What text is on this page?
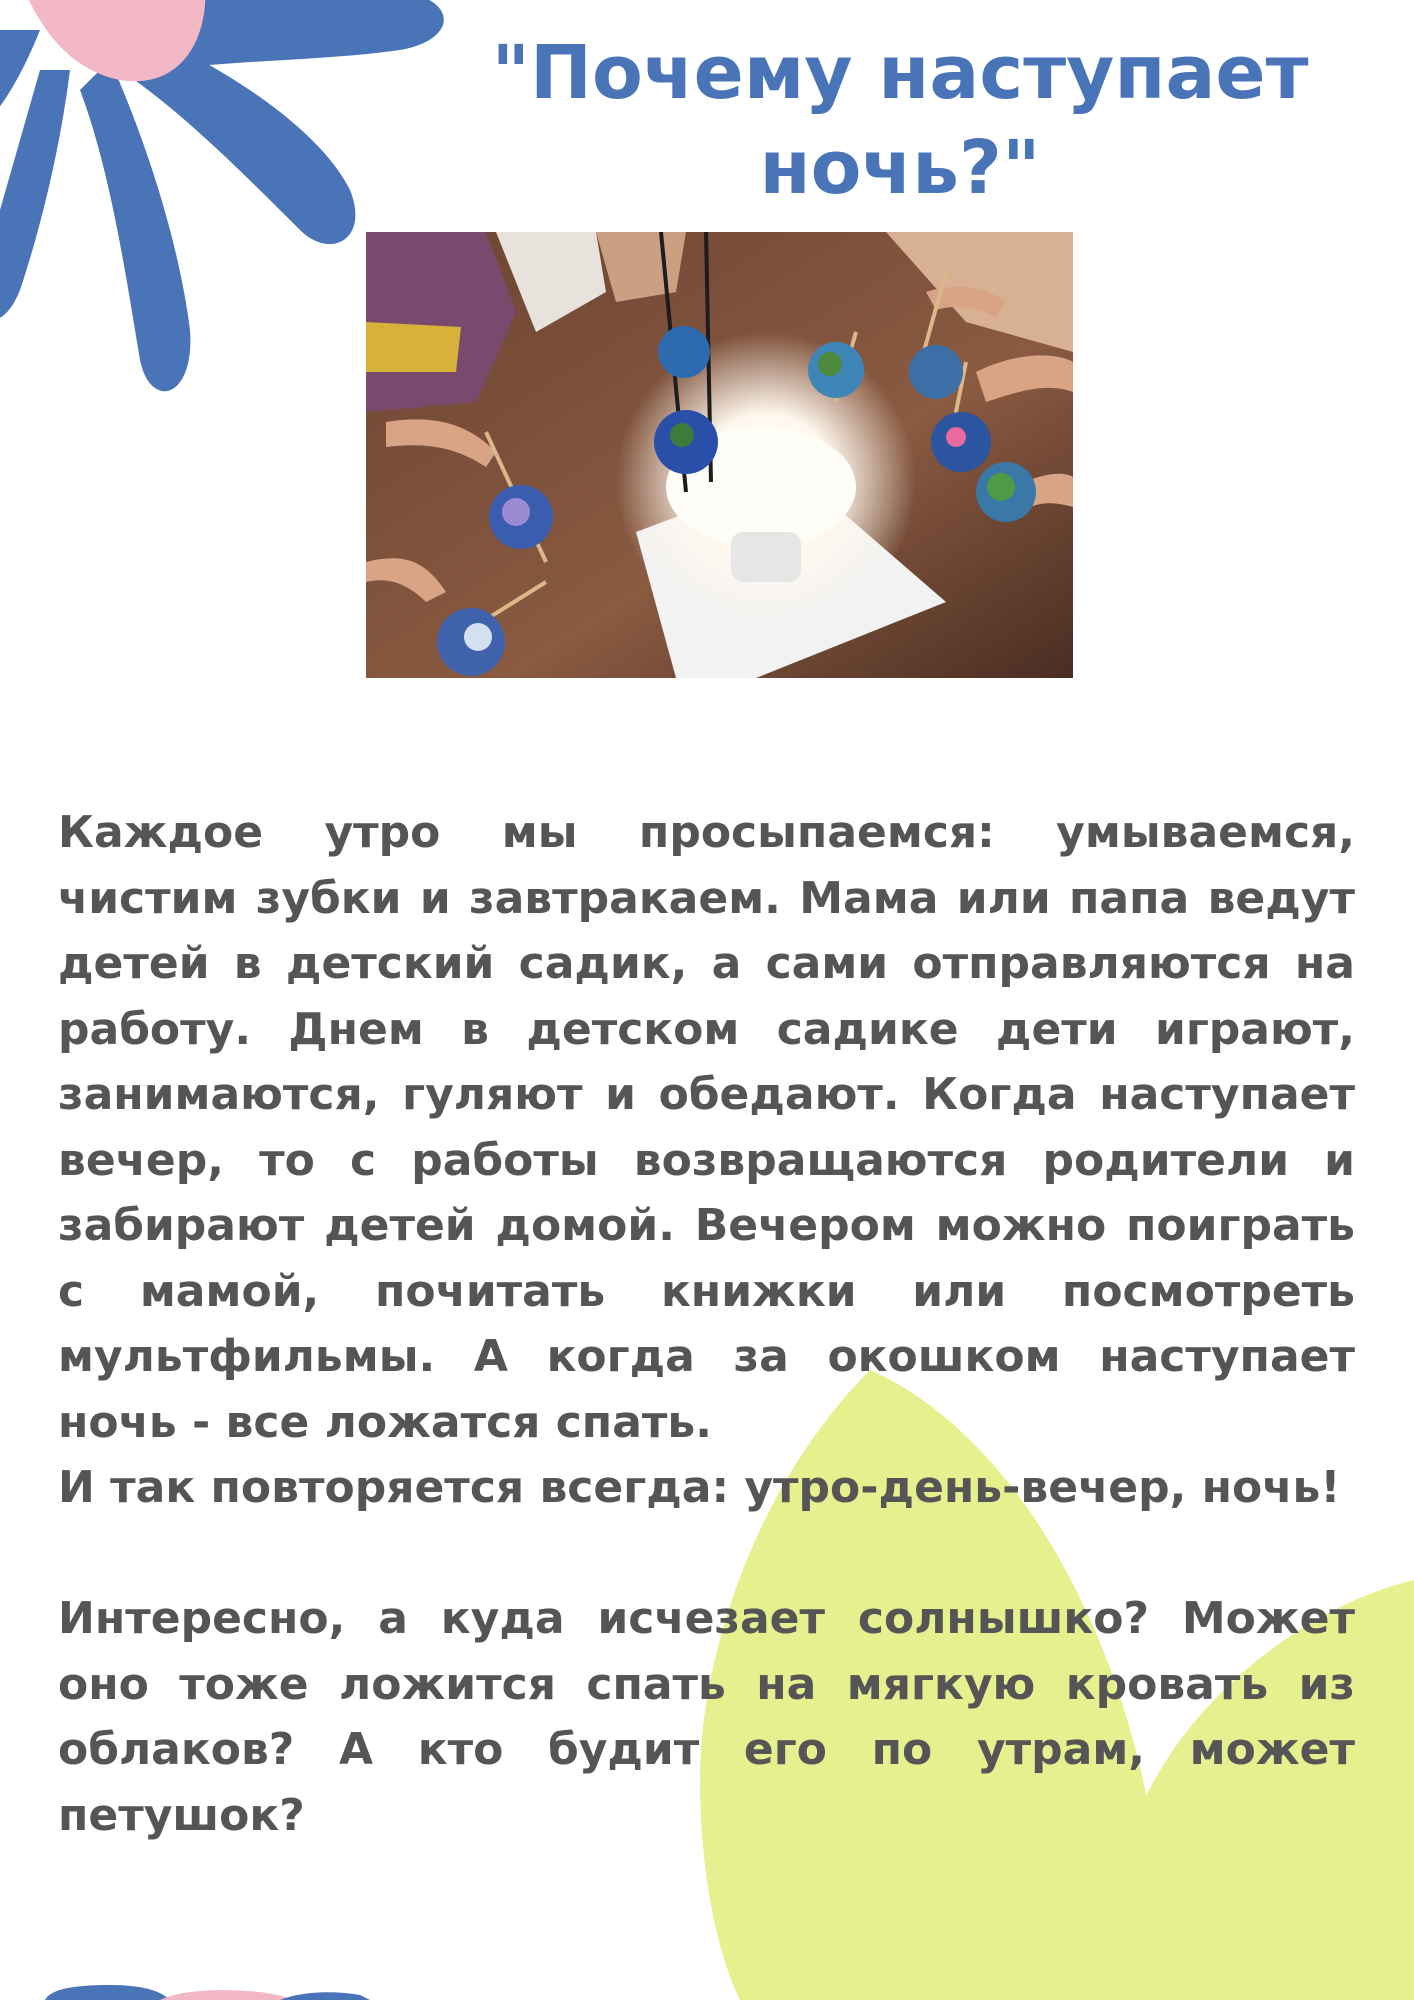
"Почему наступает ночь?"

Каждое утро мы просыпаемся: умываемся, чистим зубки и завтракаем. Мама или папа ведут детей в детский садик, а сами отправляются на работу. Днем в детском садике дети играют, занимаются, гуляют и обедают. Когда наступает вечер, то с работы возвращаются родители и забирают детей домой. Вечером можно поиграть с мамой, почитать книжки или посмотреть мультфильмы. А когда за окошком наступает ночь - все ложатся спать.

И так повторяется всегда: утро-день-вечер, ночь!

Интересно, а куда исчезает солнышко? Может оно тоже ложится спать на мягкую кровать из облаков? А кто будит его по утрам, может петушок?
